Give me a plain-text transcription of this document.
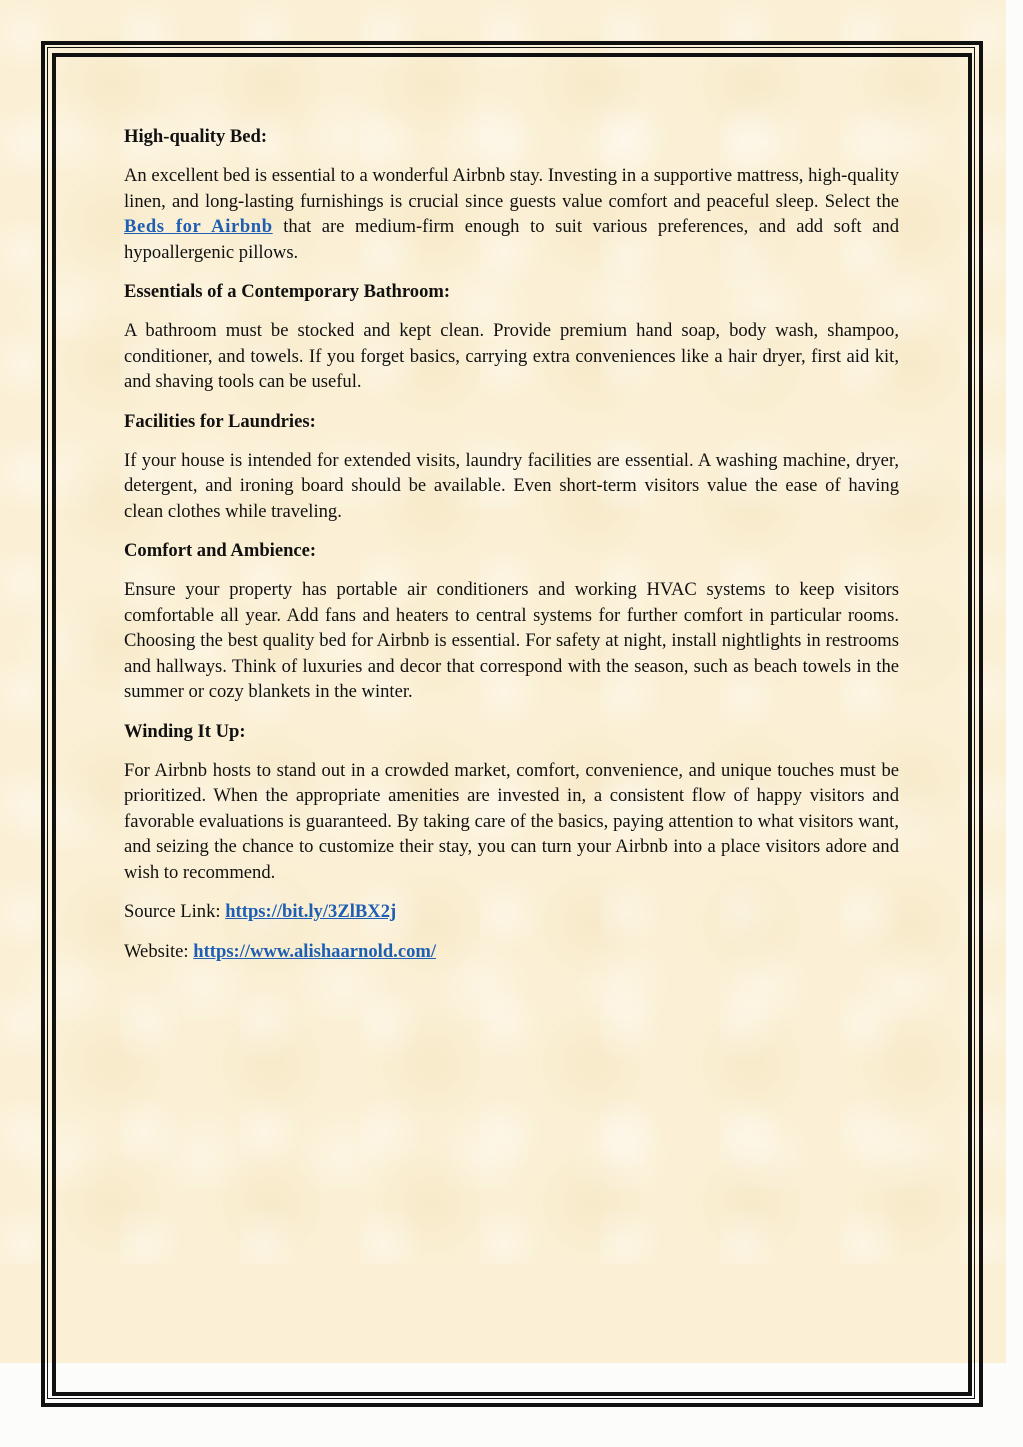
High-quality Bed:

An excellent bed is essential to a wonderful Airbnb stay. Investing in a supportive mattress, high-quality linen, and long-lasting furnishings is crucial since guests value comfort and peaceful sleep. Select the Beds for Airbnb that are medium-firm enough to suit various preferences, and add soft and hypoallergenic pillows.

Essentials of a Contemporary Bathroom:

A bathroom must be stocked and kept clean. Provide premium hand soap, body wash, shampoo, conditioner, and towels. If you forget basics, carrying extra conveniences like a hair dryer, first aid kit, and shaving tools can be useful.

Facilities for Laundries:

If your house is intended for extended visits, laundry facilities are essential. A washing machine, dryer, detergent, and ironing board should be available. Even short-term visitors value the ease of having clean clothes while traveling.

Comfort and Ambience:

Ensure your property has portable air conditioners and working HVAC systems to keep visitors comfortable all year. Add fans and heaters to central systems for further comfort in particular rooms. Choosing the best quality bed for Airbnb is essential. For safety at night, install nightlights in restrooms and hallways. Think of luxuries and decor that correspond with the season, such as beach towels in the summer or cozy blankets in the winter.

Winding It Up:

For Airbnb hosts to stand out in a crowded market, comfort, convenience, and unique touches must be prioritized. When the appropriate amenities are invested in, a consistent flow of happy visitors and favorable evaluations is guaranteed. By taking care of the basics, paying attention to what visitors want, and seizing the chance to customize their stay, you can turn your Airbnb into a place visitors adore and wish to recommend.

Source Link: https://bit.ly/3ZlBX2j

Website: https://www.alishaarnold.com/
